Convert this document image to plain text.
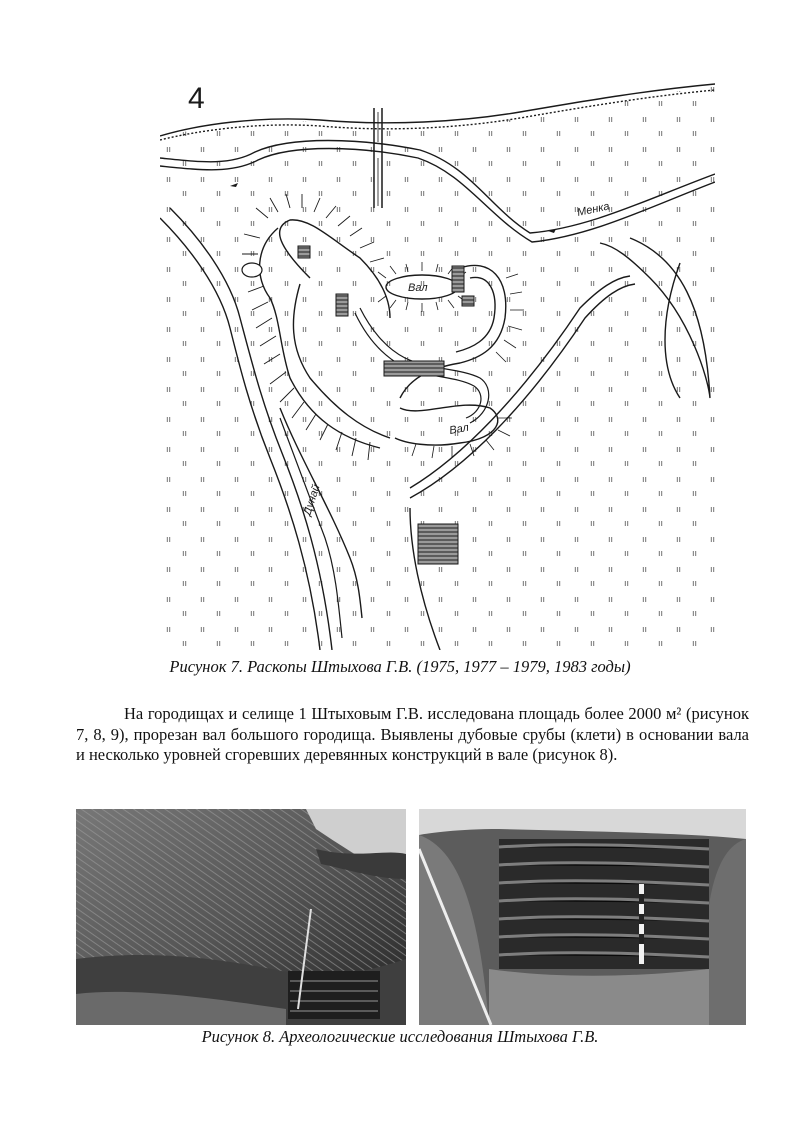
4
Менка
Вал
Вал
Дунай
Рисунок 7. Раскопы Штыхова Г.В. (1975, 1977 – 1979, 1983 годы)

На городищах и селище 1 Штыховым Г.В. исследована площадь более 2000 м² (рисунок 7, 8, 9), прорезан вал большого городища. Выявлены дубовые срубы (клети) в основании вала и несколько уровней сгоревших деревянных конструкций в вале (рисунок 8).

Рисунок 8. Археологические исследования Штыхова Г.В.
